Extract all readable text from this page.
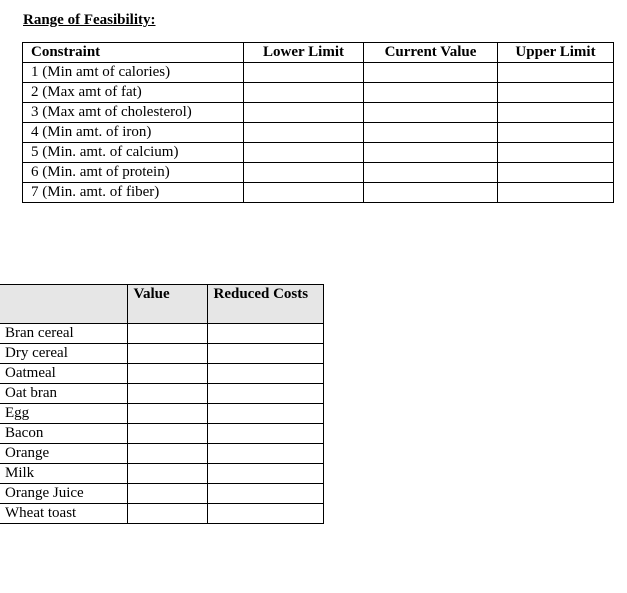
Range of Feasibility:
Constraint	Lower Limit	Current Value	Upper Limit
1 (Min amt of calories)			
2 (Max amt of fat)			
3 (Max amt of cholesterol)			
4 (Min amt. of iron)			
5 (Min. amt. of calcium)			
6 (Min. amt of protein)			
7 (Min. amt. of fiber)			
	Value	Reduced Costs
Bran cereal		
Dry cereal		
Oatmeal		
Oat bran		
Egg		
Bacon		
Orange		
Milk		
Orange Juice		
Wheat toast		
